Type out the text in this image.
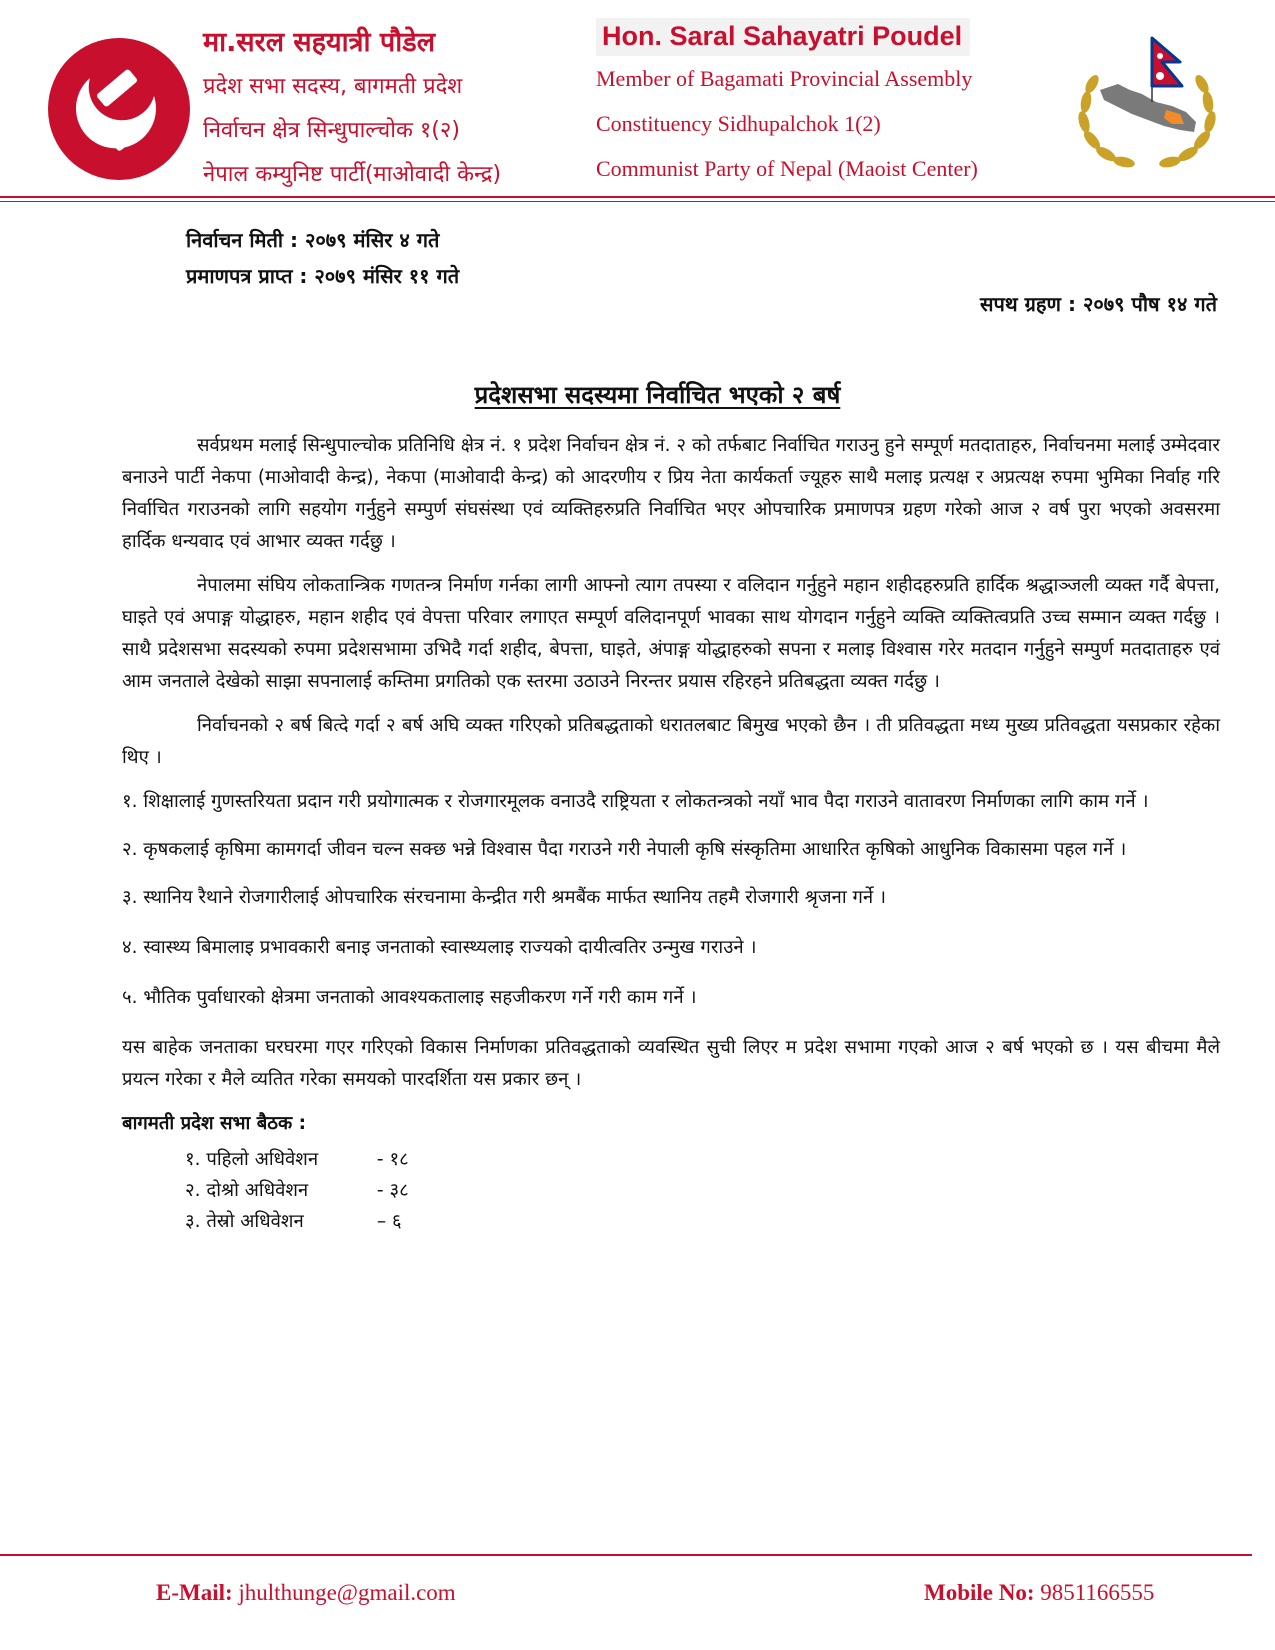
मा.सरल सहयात्री पौडेल
प्रदेश सभा सदस्य, बागमती प्रदेश
निर्वाचन क्षेत्र सिन्धुपाल्चोक १(२)
नेपाल कम्युनिष्ट पार्टी(माओवादी केन्द्र)
Hon. Saral Sahayatri Poudel
Member of Bagamati Provincial Assembly
Constituency Sidhupalchok 1(2)
Communist Party of Nepal (Maoist Center)
निर्वाचन मिती : २०७९ मंसिर ४ गते
प्रमाणपत्र प्राप्त : २०७९ मंसिर ११ गते
सपथ ग्रहण : २०७९ पौष १४ गते
प्रदेशसभा सदस्यमा निर्वाचित भएको २ बर्ष

सर्वप्रथम मलाई सिन्धुपाल्चोक प्रतिनिधि क्षेत्र नं. १ प्रदेश निर्वाचन क्षेत्र नं. २ को तर्फबाट निर्वाचित गराउनु हुने सम्पूर्ण मतदाताहरु, निर्वाचनमा मलाई उम्मेदवार बनाउने पार्टी नेकपा (माओवादी केन्द्र), नेकपा (माओवादी केन्द्र) को आदरणीय र प्रिय नेता कार्यकर्ता ज्यूहरु साथै मलाइ प्रत्यक्ष र अप्रत्यक्ष रुपमा भुमिका निर्वाह गरि निर्वाचित गराउनको लागि सहयोग गर्नुहुने सम्पुर्ण संघसंस्था एवं व्यक्तिहरुप्रति निर्वाचित भएर ओपचारिक प्रमाणपत्र ग्रहण गरेको आज २ वर्ष पुरा भएको अवसरमा हार्दिक धन्यवाद एवं आभार व्यक्त गर्दछु ।

नेपालमा संघिय लोकतान्त्रिक गणतन्त्र निर्माण गर्नका लागी आफ्नो त्याग तपस्या र वलिदान गर्नुहुने महान शहीदहरुप्रति हार्दिक श्रद्धाञ्जली व्यक्त गर्दै बेपत्ता, घाइते एवं अपाङ्ग योद्धाहरु, महान शहीद एवं वेपत्ता परिवार लगाएत सम्पूर्ण वलिदानपूर्ण भावका साथ योगदान गर्नुहुने व्यक्ति व्यक्तित्वप्रति उच्च सम्मान व्यक्त गर्दछु । साथै प्रदेशसभा सदस्यको रुपमा प्रदेशसभामा उभिदै गर्दा शहीद, बेपत्ता, घाइते, अंपाङ्ग योद्धाहरुको सपना र मलाइ विश्वास गरेर मतदान गर्नुहुने सम्पुर्ण मतदाताहरु एवं आम जनताले देखेको साझा सपनालाई कम्तिमा प्रगतिको एक स्तरमा उठाउने निरन्तर प्रयास रहिरहने प्रतिबद्धता व्यक्त गर्दछु ।

निर्वाचनको २ बर्ष बित्दे गर्दा २ बर्ष अघि व्यक्त गरिएको प्रतिबद्धताको धरातलबाट बिमुख भएको छैन । ती प्रतिवद्धता मध्य मुख्य प्रतिवद्धता यसप्रकार रहेका थिए ।

१. शिक्षालाई गुणस्तरियता प्रदान गरी प्रयोगात्मक र रोजगारमूलक वनाउदै राष्ट्रियता र लोकतन्त्रको नयाँ भाव पैदा गराउने वातावरण निर्माणका लागि काम गर्ने ।

२. कृषकलाई कृषिमा कामगर्दा जीवन चल्न सक्छ भन्ने विश्वास पैदा गराउने गरी नेपाली कृषि संस्कृतिमा आधारित कृषिको आधुनिक विकासमा पहल गर्ने ।

३. स्थानिय रैथाने रोजगारीलाई ओपचारिक संरचनामा केन्द्रीत गरी श्रमबैंक मार्फत स्थानिय तहमै रोजगारी श्रृजना गर्ने ।

४. स्वास्थ्य बिमालाइ प्रभावकारी बनाइ जनताको स्वास्थ्यलाइ राज्यको दायीत्वतिर उन्मुख गराउने ।

५. भौतिक पुर्वाधारको क्षेत्रमा जनताको आवश्यकतालाइ सहजीकरण गर्ने गरी काम गर्ने ।

यस बाहेक जनताका घरघरमा गएर गरिएको विकास निर्माणका प्रतिवद्धताको व्यवस्थित सुची लिएर म प्रदेश सभामा गएको आज २ बर्ष भएको छ । यस बीचमा मैले प्रयत्न गरेका र मैले व्यतित गरेका समयको पारदर्शिता यस प्रकार छन् ।

बागमती प्रदेश सभा बैठक :

१. पहिलो अधिवेशन	- १८
२. दोश्रो अधिवेशन	- ३८
३. तेस्रो अधिवेशन	– ६
E-Mail: jhulthunge@gmail.com	Mobile No: 9851166555
